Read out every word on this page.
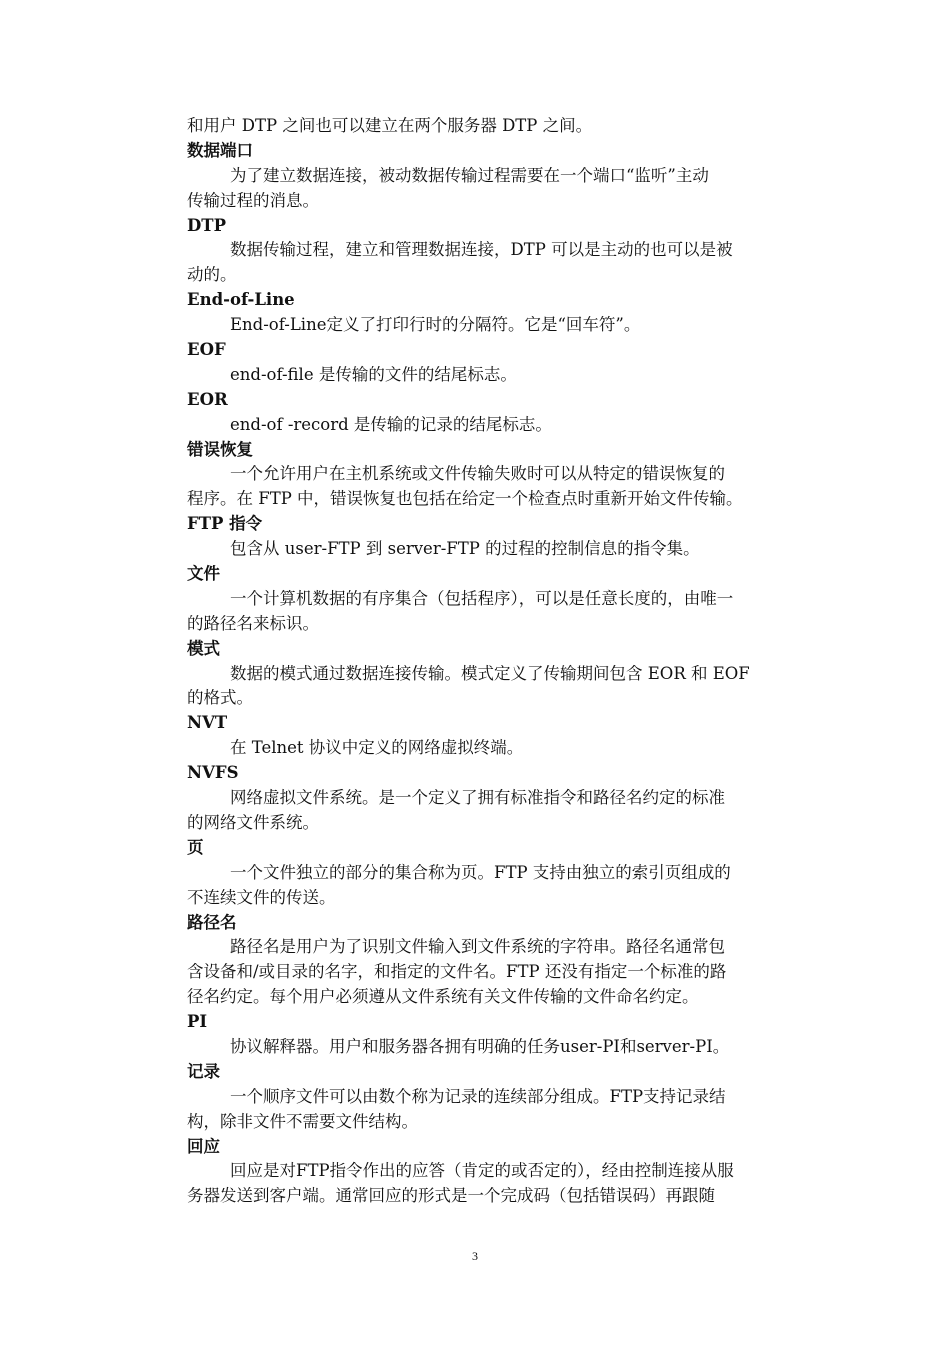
和用户 DTP 之间也可以建立在两个服务器 DTP 之间。
数据端口
为了建立数据连接，被动数据传输过程需要在一个端口“监听”主动
传输过程的消息。
DTP
数据传输过程，建立和管理数据连接，DTP 可以是主动的也可以是被
动的。
End-of-Line
End-of-Line定义了打印行时的分隔符。它是“回车符”。
EOF
end-of-file 是传输的文件的结尾标志。
EOR
end-of -record 是传输的记录的结尾标志。
错误恢复
一个允许用户在主机系统或文件传输失败时可以从特定的错误恢复的
程序。在 FTP 中，错误恢复也包括在给定一个检查点时重新开始文件传输。
FTP 指令
包含从 user-FTP 到 server-FTP 的过程的控制信息的指令集。
文件
一个计算机数据的有序集合（包括程序），可以是任意长度的，由唯一
的路径名来标识。
模式
数据的模式通过数据连接传输。模式定义了传输期间包含 EOR 和 EOF
的格式。
NVT
在 Telnet 协议中定义的网络虚拟终端。
NVFS
网络虚拟文件系统。是一个定义了拥有标准指令和路径名约定的标准
的网络文件系统。
页
一个文件独立的部分的集合称为页。FTP 支持由独立的索引页组成的
不连续文件的传送。
路径名
路径名是用户为了识别文件输入到文件系统的字符串。路径名通常包
含设备和/或目录的名字，和指定的文件名。FTP 还没有指定一个标准的路
径名约定。每个用户必须遵从文件系统有关文件传输的文件命名约定。
PI
协议解释器。用户和服务器各拥有明确的任务user-PI和server-PI。
记录
一个顺序文件可以由数个称为记录的连续部分组成。FTP支持记录结
构，除非文件不需要文件结构。
回应
回应是对FTP指令作出的应答（肯定的或否定的），经由控制连接从服
务器发送到客户端。通常回应的形式是一个完成码（包括错误码）再跟随
3
